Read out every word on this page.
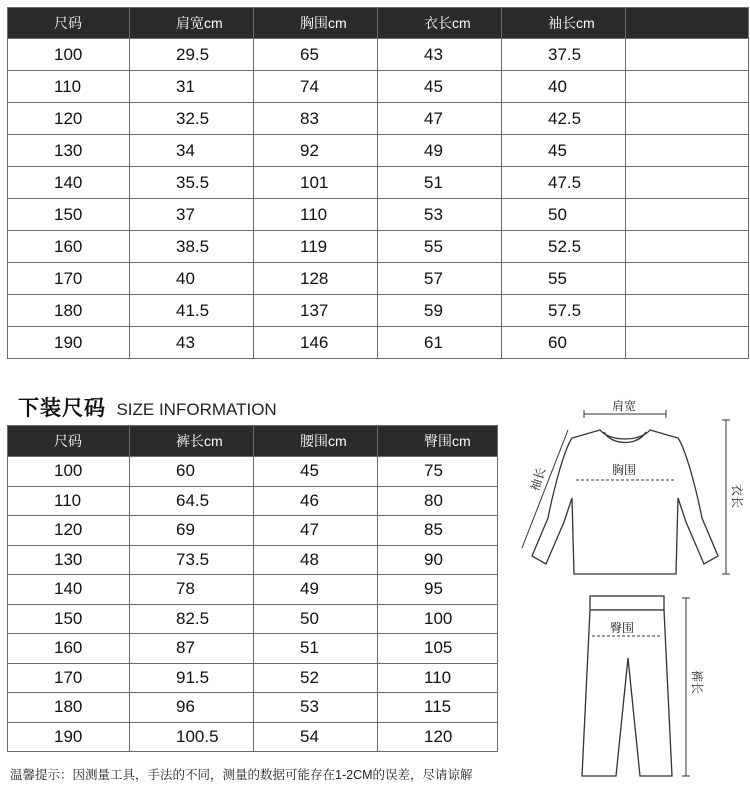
尺码	肩宽cm	胸围cm	衣长cm	袖长cm	
100	29.5	65	43	37.5	
110	31	74	45	40	
120	32.5	83	47	42.5	
130	34	92	49	45	
140	35.5	101	51	47.5	
150	37	110	53	50	
160	38.5	119	55	52.5	
170	40	128	57	55	
180	41.5	137	59	57.5	
190	43	146	61	60	
下装尺码 SIZE INFORMATION
尺码	裤长cm	腰围cm	臀围cm
100	60	45	75
110	64.5	46	80
120	69	47	85
130	73.5	48	90
140	78	49	95
150	82.5	50	100
160	87	51	105
170	91.5	52	110
180	96	53	115
190	100.5	54	120
肩宽
胸围
袖长
衣长
臀围
裤长
温馨提示：因测量工具，手法的不同，测量的数据可能存在1-2CM的误差，尽请谅解
